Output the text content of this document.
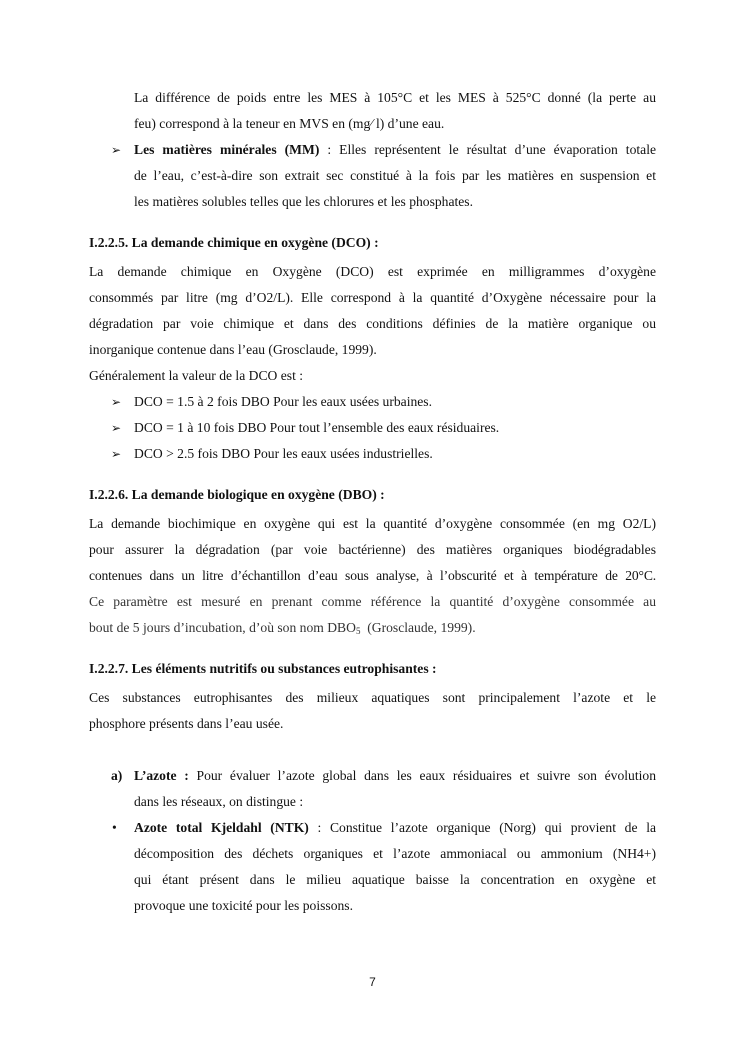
La différence de poids entre les MES à 105°C et les MES à 525°C donné (la perte au
feu) correspond à la teneur en MVS en (mg⁄ l) d’une eau.
➢ Les matières minérales (MM) : Elles représentent le résultat d’une évaporation totale
de l’eau, c’est-à-dire son extrait sec constitué à la fois par les matières en suspension et
les matières solubles telles que les chlorures et les phosphates.
I.2.2.5. La demande chimique en oxygène (DCO) :
La demande chimique en Oxygène (DCO) est exprimée en milligrammes d’oxygène
consommés par litre (mg d’O2/L). Elle correspond à la quantité d’Oxygène nécessaire pour la
dégradation par voie chimique et dans des conditions définies de la matière organique ou
inorganique contenue dans l’eau (Grosclaude, 1999).
Généralement la valeur de la DCO est :
➢ DCO = 1.5 à 2 fois DBO Pour les eaux usées urbaines.
➢ DCO = 1 à 10 fois DBO Pour tout l’ensemble des eaux résiduaires.
➢ DCO > 2.5 fois DBO Pour les eaux usées industrielles.
I.2.2.6. La demande biologique en oxygène (DBO) :
La demande biochimique en oxygène qui est la quantité d’oxygène consommée (en mg O2/L)
pour assurer la dégradation (par voie bactérienne) des matières organiques biodégradables
contenues dans un litre d’échantillon d’eau sous analyse, à l’obscurité et à température de 20°C.
Ce paramètre est mesuré en prenant comme référence la quantité d’oxygène consommée au
bout de 5 jours d’incubation, d’où son nom $DBO_5$  (Grosclaude, 1999).
I.2.2.7. Les éléments nutritifs ou substances eutrophisantes :
Ces substances eutrophisantes des milieux aquatiques sont principalement l’azote et le
phosphore présents dans l’eau usée.
a) L’azote : Pour évaluer l’azote global dans les eaux résiduaires et suivre son évolution
dans les réseaux, on distingue :
• Azote total Kjeldahl (NTK) : Constitue l’azote organique (Norg) qui provient de la
décomposition des déchets organiques et l’azote ammoniacal ou ammonium (NH4+)
qui étant présent dans le milieu aquatique baisse la concentration en oxygène et
provoque une toxicité pour les poissons.
7
